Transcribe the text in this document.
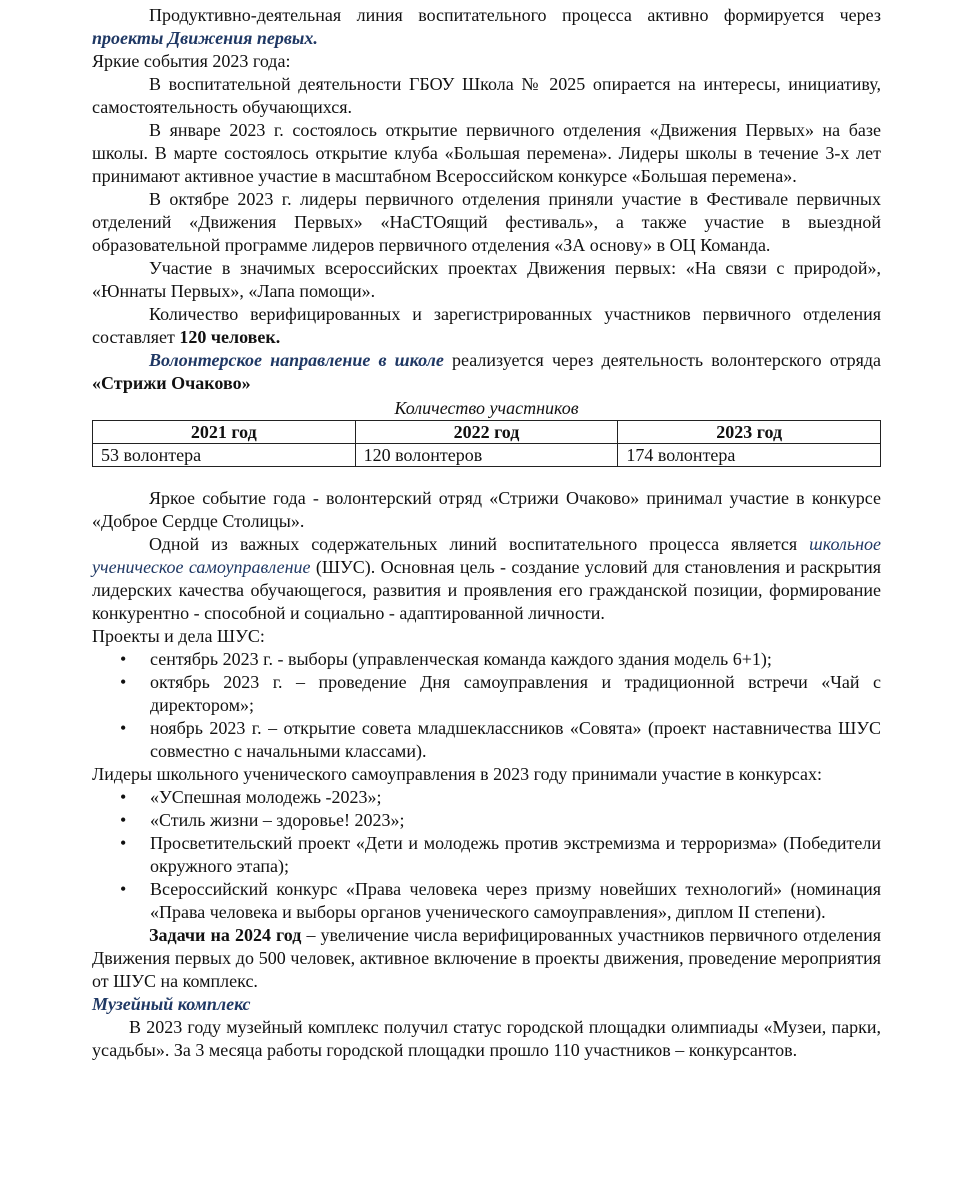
Продуктивно-деятельная линия воспитательного процесса активно формируется через проекты Движения первых.

Яркие события 2023 года:

В воспитательной деятельности ГБОУ Школа № 2025 опирается на интересы, инициативу, самостоятельность обучающихся.

В январе 2023 г. состоялось открытие первичного отделения «Движения Первых» на базе школы. В марте состоялось открытие клуба «Большая перемена». Лидеры школы в течение 3-х лет принимают активное участие в масштабном Всероссийском конкурсе «Большая перемена».

В октябре 2023 г. лидеры первичного отделения приняли участие в Фестивале первичных отделений «Движения Первых» «НаСТОящий фестиваль», а также участие в выездной образовательной программе лидеров первичного отделения «ЗА основу» в ОЦ Команда.

Участие в значимых всероссийских проектах Движения первых: «На связи с природой», «Юннаты Первых», «Лапа помощи».

Количество верифицированных и зарегистрированных участников первичного отделения составляет 120 человек.

Волонтерское направление в школе реализуется через деятельность волонтерского отряда «Стрижи Очаково»

Количество участников

2021 год	2022 год	2023 год
53 волонтера	120 волонтеров	174 волонтера

Яркое событие года - волонтерский отряд «Стрижи Очаково» принимал участие в конкурсе «Доброе Сердце Столицы».

Одной из важных содержательных линий воспитательного процесса является школьное ученическое самоуправление (ШУС). Основная цель - создание условий для становления и раскрытия лидерских качества обучающегося, развития и проявления его гражданской позиции, формирование конкурентно - способной и социально - адаптированной личности.

Проекты и дела ШУС:

• сентябрь 2023 г. - выборы (управленческая команда каждого здания модель 6+1);
• октябрь 2023 г. – проведение Дня самоуправления и традиционной встречи «Чай с директором»;
• ноябрь 2023 г. – открытие совета младшеклассников «Совята» (проект наставничества ШУС совместно с начальными классами).

Лидеры школьного ученического самоуправления в 2023 году принимали участие в конкурсах:

• «УСпешная молодежь -2023»;
• «Стиль жизни – здоровье! 2023»;
• Просветительский проект «Дети и молодежь против экстремизма и терроризма» (Победители окружного этапа);
• Всероссийский конкурс «Права человека через призму новейших технологий» (номинация «Права человека и выборы органов ученического самоуправления», диплом II степени).

Задачи на 2024 год – увеличение числа верифицированных участников первичного отделения Движения первых до 500 человек, активное включение в проекты движения, проведение мероприятия от ШУС на комплекс.

Музейный комплекс

В 2023 году музейный комплекс получил статус городской площадки олимпиады «Музеи, парки, усадьбы». За 3 месяца работы городской площадки прошло 110 участников – конкурсантов.
